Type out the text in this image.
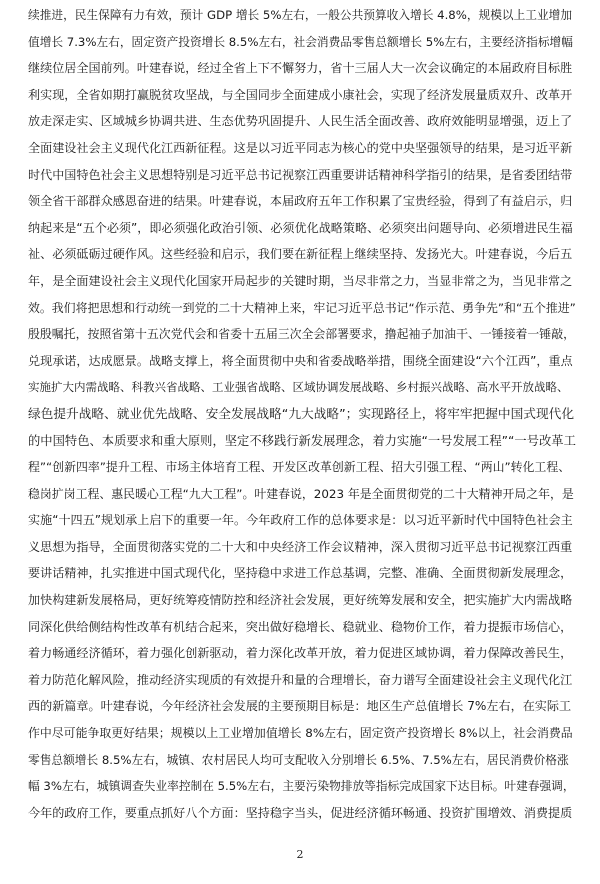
续推进，民生保障有力有效，预计 GDP 增长 5%左右，一般公共预算收入增长 4.8%，规模以上工业增加
值增长 7.3%左右，固定资产投资增长 8.5%左右，社会消费品零售总额增长 5%左右，主要经济指标增幅
继续位居全国前列。叶建春说，经过全省上下不懈努力，省十三届人大一次会议确定的本届政府目标胜
利实现，全省如期打赢脱贫攻坚战，与全国同步全面建成小康社会，实现了经济发展量质双升、改革开
放走深走实、区域城乡协调共进、生态优势巩固提升、人民生活全面改善、政府效能明显增强，迈上了
全面建设社会主义现代化江西新征程。这是以习近平同志为核心的党中央坚强领导的结果，是习近平新
时代中国特色社会主义思想特别是习近平总书记视察江西重要讲话精神科学指引的结果，是省委团结带
领全省干部群众感恩奋进的结果。叶建春说，本届政府五年工作积累了宝贵经验，得到了有益启示，归
纳起来是“五个必须”，即必须强化政治引领、必须优化战略策略、必须突出问题导向、必须增进民生福
祉、必须砥砺过硬作风。这些经验和启示，我们要在新征程上继续坚持、发扬光大。叶建春说，今后五
年，是全面建设社会主义现代化国家开局起步的关键时期，当尽非常之力，当显非常之为，当见非常之
效。我们将把思想和行动统一到党的二十大精神上来，牢记习近平总书记“作示范、勇争先”和“五个推进”
殷殷嘱托，按照省第十五次党代会和省委十五届三次全会部署要求，撸起袖子加油干、一锤接着一锤敲，
兑现承诺，达成愿景。战略支撑上，将全面贯彻中央和省委战略举措，围绕全面建设“六个江西”，重点
实施扩大内需战略、科教兴省战略、工业强省战略、区域协调发展战略、乡村振兴战略、高水平开放战略、
绿色提升战略、就业优先战略、安全发展战略“九大战略”；实现路径上，将牢牢把握中国式现代化
的中国特色、本质要求和重大原则，坚定不移践行新发展理念，着力实施“一号发展工程”“一号改革工
程”“创新四率”提升工程、市场主体培育工程、开发区改革创新工程、招大引强工程、“两山”转化工程、
稳岗扩岗工程、惠民暖心工程“九大工程”。叶建春说，2023 年是全面贯彻党的二十大精神开局之年，是
实施“十四五”规划承上启下的重要一年。今年政府工作的总体要求是：以习近平新时代中国特色社会主
义思想为指导，全面贯彻落实党的二十大和中央经济工作会议精神，深入贯彻习近平总书记视察江西重
要讲话精神，扎实推进中国式现代化，坚持稳中求进工作总基调，完整、准确、全面贯彻新发展理念，
加快构建新发展格局，更好统筹疫情防控和经济社会发展，更好统筹发展和安全，把实施扩大内需战略
同深化供给侧结构性改革有机结合起来，突出做好稳增长、稳就业、稳物价工作，着力提振市场信心，
着力畅通经济循环，着力强化创新驱动，着力深化改革开放，着力促进区域协调，着力保障改善民生，
着力防范化解风险，推动经济实现质的有效提升和量的合理增长，奋力谱写全面建设社会主义现代化江
西的新篇章。叶建春说，今年经济社会发展的主要预期目标是：地区生产总值增长 7%左右，在实际工
作中尽可能争取更好结果；规模以上工业增加值增长 8%左右，固定资产投资增长 8%以上，社会消费品
零售总额增长 8.5%左右，城镇、农村居民人均可支配收入分别增长 6.5%、7.5%左右，居民消费价格涨
幅 3%左右，城镇调查失业率控制在 5.5%左右，主要污染物排放等指标完成国家下达目标。叶建春强调，
今年的政府工作，要重点抓好八个方面：坚持稳字当头，促进经济循环畅通、投资扩围增效、消费提质
2
